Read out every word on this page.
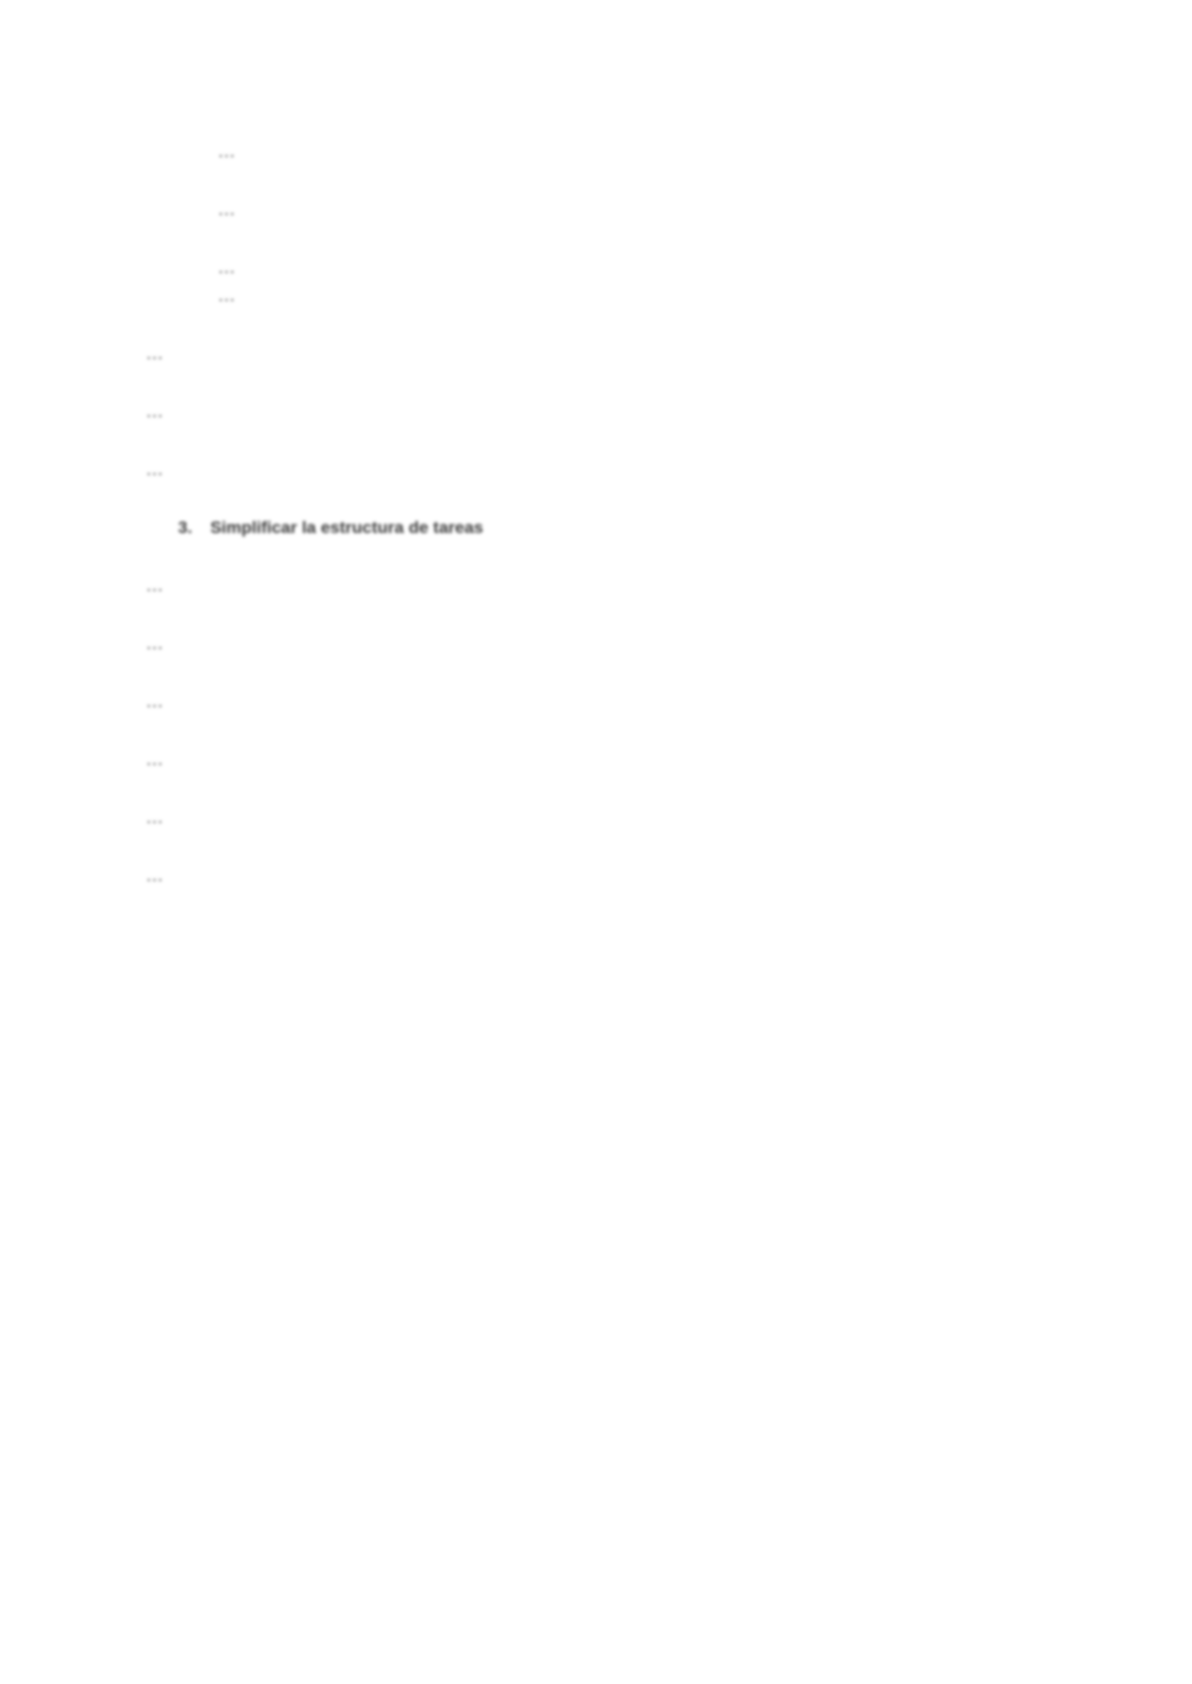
…

…

…
…

…

…

…

3. Simplificar la estructura de tareas

…

…

…

…

…

…
